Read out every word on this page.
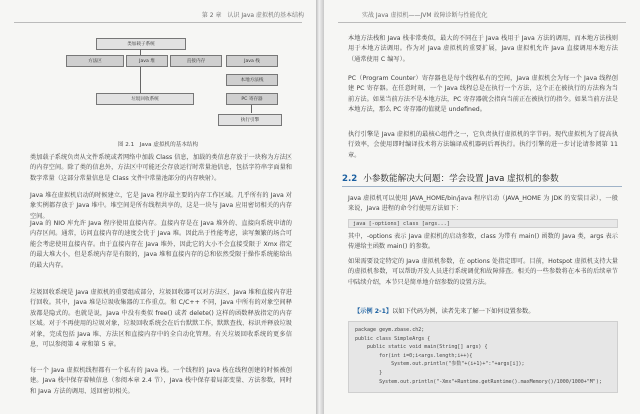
第 2 章　认识 Java 虚拟机的基本结构
类加载子系统
方法区	Java 堆	直接内存	Java 栈
本地方法栈
垃圾回收系统	PC 寄存器
执行引擎
图 2.1　Java 虚拟机的基本结构
类加载子系统负责从文件系统或者网络中加载 Class 信息，加载的类信息存放于一块称为方法区的内存空间。除了类的信息外，方法区中可能还会存放运行时常量池信息，包括字符串字面量和数字常量（这部分常量信息是 Class 文件中常量池部分的内存映射）。
Java 堆在虚拟机启动的时候建立，它是 Java 程序最主要的内存工作区域。几乎所有的 Java 对象实例都存放于 Java 堆中。堆空间是所有线程共享的，这是一块与 Java 应用密切相关的内存空间。
Java 的 NIO 库允许 Java 程序使用直接内存。直接内存是在 Java 堆外的、直接向系统申请的内存区间。通常，访问直接内存的速度会优于 Java 堆。因此出于性能考虑，读写频繁的场合可能会考虑使用直接内存。由于直接内存在 Java 堆外，因此它的大小不会直接受限于 Xmx 指定的最大堆大小，但是系统内存是有限的，Java 堆和直接内存的总和依然受限于操作系统能给出的最大内存。
垃圾回收系统是 Java 虚拟机的重要组成部分，垃圾回收器可以对方法区、Java 堆和直接内存进行回收。其中，Java 堆是垃圾收集器的工作重点。和 C/C++ 不同，Java 中所有的对象空间释放都是隐式的。也就是说，Java 中没有类似 free() 或者 delete() 这样的函数释放指定的内存区域。对于不再使用的垃圾对象，垃圾回收系统会在后台默默工作，默默查找、标识并释放垃圾对象，完成包括 Java 堆、方法区和直接内存中的全自动化管理。有关垃圾回收系统的更多信息，可以参阅第 4 章和第 5 章。
每一个 Java 虚拟机线程都有一个私有的 Java 栈。一个线程的 Java 栈在线程创建的时候被创建。Java 栈中保存着帧信息（参阅本章 2.4 节），Java 栈中保存着局部变量、方法参数，同时和 Java 方法的调用、返回密切相关。
实战 Java 虚拟机——JVM 故障诊断与性能优化
本地方法栈和 Java 栈非常类似，最大的不同在于 Java 栈用于 Java 方法的调用，而本地方法栈则用于本地方法调用。作为对 Java 虚拟机的重要扩展，Java 虚拟机允许 Java 直接调用本地方法（通常使用 C 编写）。
PC（Program Counter）寄存器也是每个线程私有的空间，Java 虚拟机会为每一个 Java 线程创建 PC 寄存器。在任意时刻，一个 Java 线程总是在执行一个方法，这个正在被执行的方法称为当前方法。如果当前方法不是本地方法，PC 寄存器就会指向当前正在被执行的指令。如果当前方法是本地方法，那么 PC 寄存器的值就是 undefined。
执行引擎是 Java 虚拟机的最核心组件之一，它负责执行虚拟机的字节码。现代虚拟机为了提高执行效率，会使用即时编译技术将方法编译成机器码后再执行。执行引擎的进一步讨论请参阅第 11 章。
2.2 小参数能解决大问题：学会设置 Java 虚拟机的参数
Java 虚拟机可以使用 JAVA_HOME/bin/java 程序启动（JAVA_HOME 为 JDK 的安装目录），一般来说，Java 进程的命令行使用方法如下：
java [-options] class [args...]
其中，-options 表示 Java 虚拟机的启动参数，class 为带有 main() 函数的 Java 类，args 表示传递给主函数 main() 的参数。
如果需要设定特定的 Java 虚拟机参数，在 options 处指定即可。目前，Hotspot 虚拟机支持大量的虚拟机参数，可以帮助开发人员进行系统调优和故障排查。相关的一些参数将在本书的后续章节中陆续介绍，本节只是简单地介绍参数的设置方法。
【示例 2-1】以如下代码为例，读者先来了解一下如何设置参数。
package geym.zbase.ch2;
public class SimpleArgs {
public static void main(String[] args) {
for(int i=0;i<args.length;i++){
System.out.println("参数"+(i+1)+":"+args[i]);
}
System.out.println("-Xmx"+Runtime.getRuntime().maxMemory()/1000/1000+"M");
